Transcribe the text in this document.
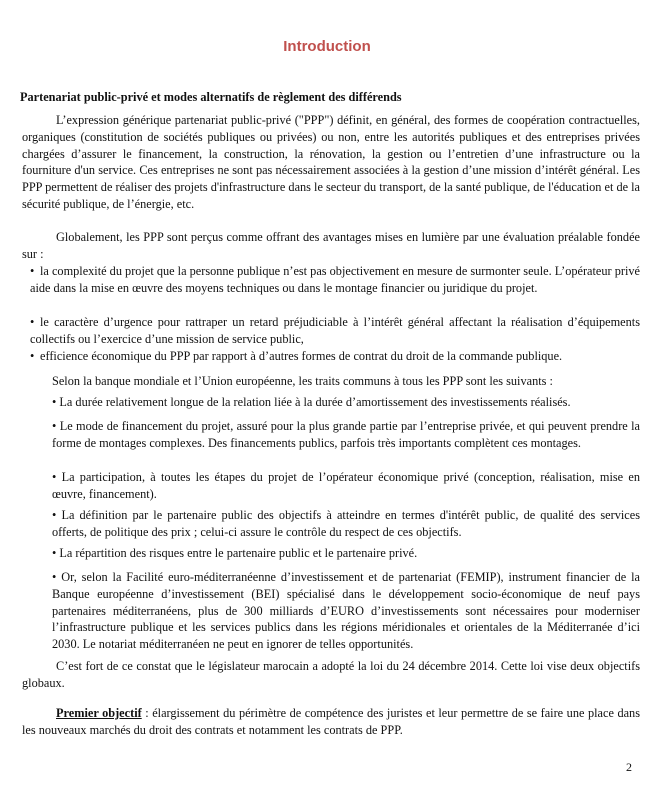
Introduction
Partenariat public-privé et modes alternatifs de règlement des différends

L’expression générique partenariat public-privé ("PPP") définit, en général, des formes de coopération contractuelles, organiques (constitution de sociétés publiques ou privées) ou non, entre les autorités publiques et des entreprises privées chargées d’assurer le financement, la construction, la rénovation, la gestion ou l’entretien d’une infrastructure ou la fourniture d'un service. Ces entreprises ne sont pas nécessairement associées à la gestion d’une mission d’intérêt général. Les PPP permettent de réaliser des projets d'infrastructure dans le secteur du transport, de la santé publique, de l'éducation et de la sécurité publique, de l’énergie, etc.

Globalement, les PPP sont perçus comme offrant des avantages mises en lumière par une évaluation préalable fondée sur :

• la complexité du projet que la personne publique n’est pas objectivement en mesure de surmonter seule. L’opérateur privé aide dans la mise en œuvre des moyens techniques ou dans le montage financier ou juridique du projet.

• le caractère d’urgence pour rattraper un retard préjudiciable à l’intérêt général affectant la réalisation d’équipements collectifs ou l’exercice d’une mission de service public,

• efficience économique du PPP par rapport à d’autres formes de contrat du droit de la commande publique.

Selon la banque mondiale et l’Union européenne, les traits communs à tous les PPP sont les suivants :

• La durée relativement longue de la relation liée à la durée d’amortissement des investissements réalisés.

• Le mode de financement du projet, assuré pour la plus grande partie par l’entreprise privée, et qui peuvent prendre la forme de montages complexes. Des financements publics, parfois très importants complètent ces montages.

• La participation, à toutes les étapes du projet de l’opérateur économique privé (conception, réalisation, mise en œuvre, financement).

• La définition par le partenaire public des objectifs à atteindre en termes d'intérêt public, de qualité des services offerts, de politique des prix ; celui-ci assure le contrôle du respect de ces objectifs.

• La répartition des risques entre le partenaire public et le partenaire privé.

• Or, selon la Facilité euro-méditerranéenne d’investissement et de partenariat (FEMIP), instrument financier de la Banque européenne d’investissement (BEI) spécialisé dans le développement socio-économique de neuf pays partenaires méditerranéens, plus de 300 milliards d’EURO d’investissements sont nécessaires pour moderniser l’infrastructure publique et les services publics dans les régions méridionales et orientales de la Méditerranée d’ici 2030. Le notariat méditerranéen ne peut en ignorer de telles opportunités.

C’est fort de ce constat que le législateur marocain a adopté la loi du 24 décembre 2014. Cette loi vise deux objectifs globaux.

Premier objectif : élargissement du périmètre de compétence des juristes et leur permettre de se faire une place dans les nouveaux marchés du droit des contrats et notamment les contrats de PPP.

2
